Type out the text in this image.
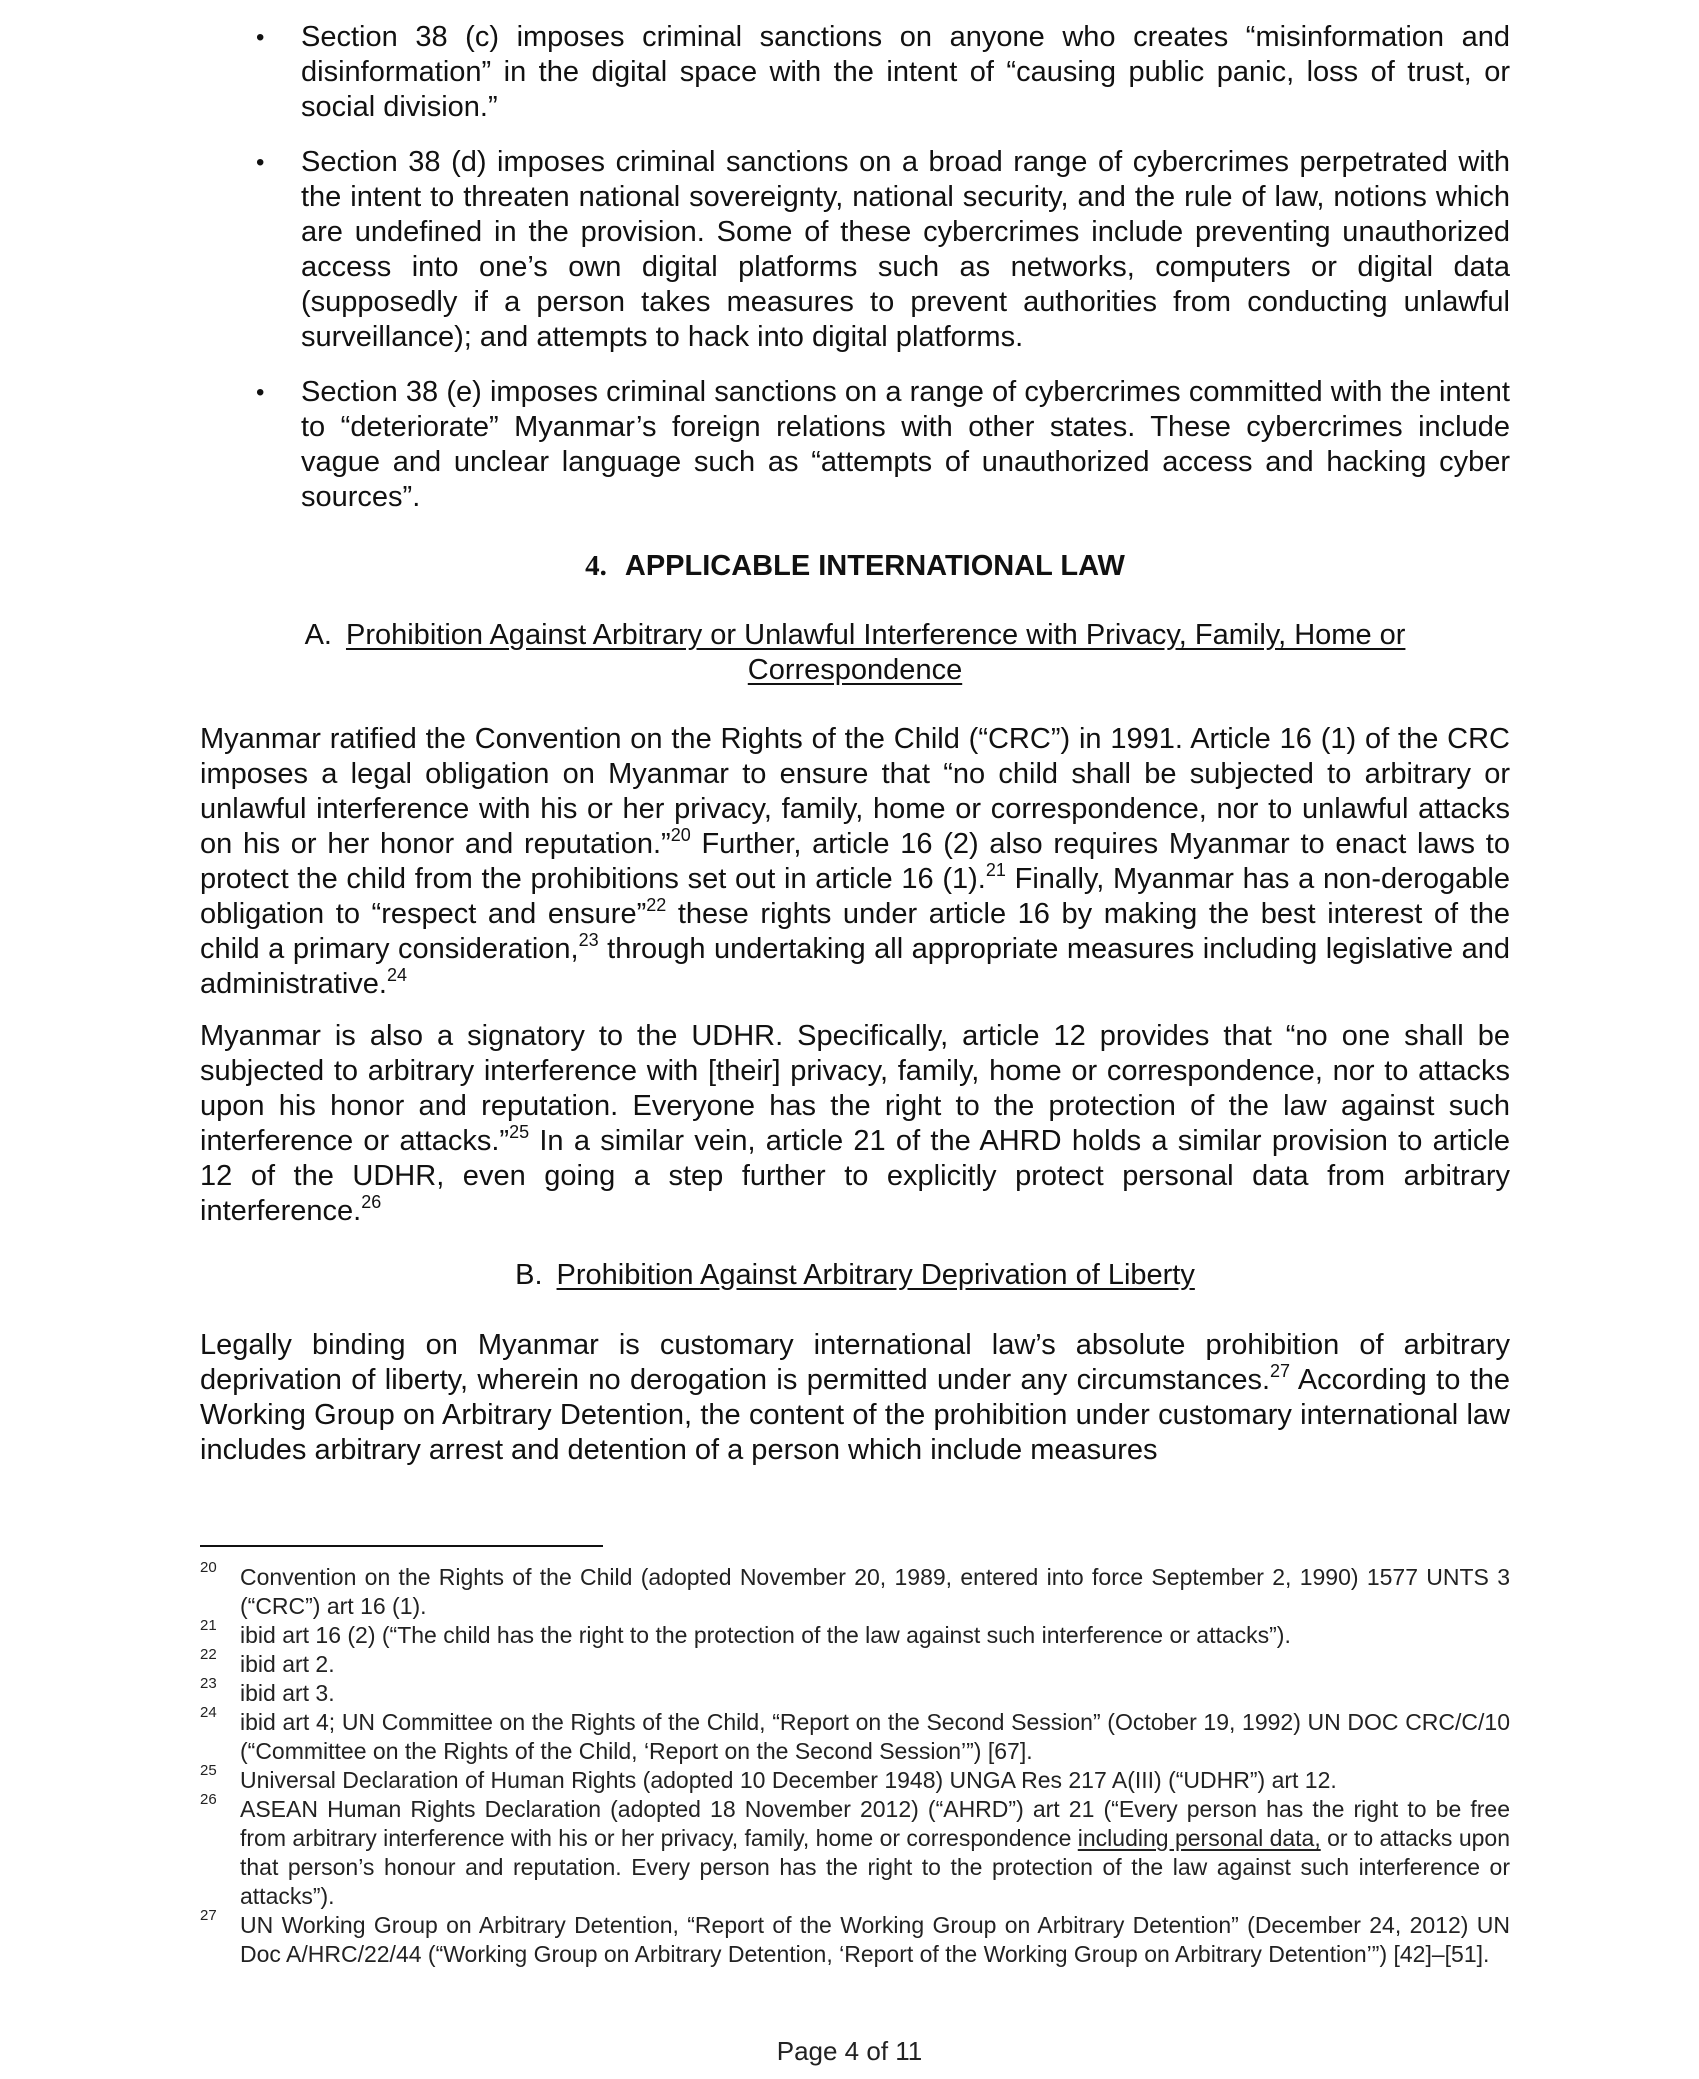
• Section 38 (c) imposes criminal sanctions on anyone who creates “misinformation and disinformation” in the digital space with the intent of “causing public panic, loss of trust, or social division.”
• Section 38 (d) imposes criminal sanctions on a broad range of cybercrimes perpetrated with the intent to threaten national sovereignty, national security, and the rule of law, notions which are undefined in the provision. Some of these cybercrimes include preventing unauthorized access into one’s own digital platforms such as networks, computers or digital data (supposedly if a person takes measures to prevent authorities from conducting unlawful surveillance); and attempts to hack into digital platforms.
• Section 38 (e) imposes criminal sanctions on a range of cybercrimes committed with the intent to “deteriorate” Myanmar’s foreign relations with other states. These cybercrimes include vague and unclear language such as “attempts of unauthorized access and hacking cyber sources”.
4. APPLICABLE INTERNATIONAL LAW
A. Prohibition Against Arbitrary or Unlawful Interference with Privacy, Family, Home or Correspondence

Myanmar ratified the Convention on the Rights of the Child (“CRC”) in 1991. Article 16 (1) of the CRC imposes a legal obligation on Myanmar to ensure that “no child shall be subjected to arbitrary or unlawful interference with his or her privacy, family, home or correspondence, nor to unlawful attacks on his or her honor and reputation.”$^{20}$ Further, article 16 (2) also requires Myanmar to enact laws to protect the child from the prohibitions set out in article 16 (1).$^{21}$ Finally, Myanmar has a non-derogable obligation to “respect and ensure”$^{22}$ these rights under article 16 by making the best interest of the child a primary consideration,$^{23}$ through undertaking all appropriate measures including legislative and administrative.$^{24}$

Myanmar is also a signatory to the UDHR. Specifically, article 12 provides that “no one shall be subjected to arbitrary interference with [their] privacy, family, home or correspondence, nor to attacks upon his honor and reputation. Everyone has the right to the protection of the law against such interference or attacks.”$^{25}$ In a similar vein, article 21 of the AHRD holds a similar provision to article 12 of the UDHR, even going a step further to explicitly protect personal data from arbitrary interference.$^{26}$

B. Prohibition Against Arbitrary Deprivation of Liberty

Legally binding on Myanmar is customary international law’s absolute prohibition of arbitrary deprivation of liberty, wherein no derogation is permitted under any circumstances.$^{27}$ According to the Working Group on Arbitrary Detention, the content of the prohibition under customary international law includes arbitrary arrest and detention of a person which include measures

20 Convention on the Rights of the Child (adopted November 20, 1989, entered into force September 2, 1990) 1577 UNTS 3 (“CRC”) art 16 (1).
21 ibid art 16 (2) (“The child has the right to the protection of the law against such interference or attacks”).
22 ibid art 2.
23 ibid art 3.
24 ibid art 4; UN Committee on the Rights of the Child, “Report on the Second Session” (October 19, 1992) UN DOC CRC/C/10 (“Committee on the Rights of the Child, ‘Report on the Second Session’”) [67].
25 Universal Declaration of Human Rights (adopted 10 December 1948) UNGA Res 217 A(III) (“UDHR”) art 12.
26 ASEAN Human Rights Declaration (adopted 18 November 2012) (“AHRD”) art 21 (“Every person has the right to be free from arbitrary interference with his or her privacy, family, home or correspondence including personal data, or to attacks upon that person’s honour and reputation. Every person has the right to the protection of the law against such interference or attacks”).
27 UN Working Group on Arbitrary Detention, “Report of the Working Group on Arbitrary Detention” (December 24, 2012) UN Doc A/HRC/22/44 (“Working Group on Arbitrary Detention, ‘Report of the Working Group on Arbitrary Detention’”) [42]–[51].
Page 4 of 11
